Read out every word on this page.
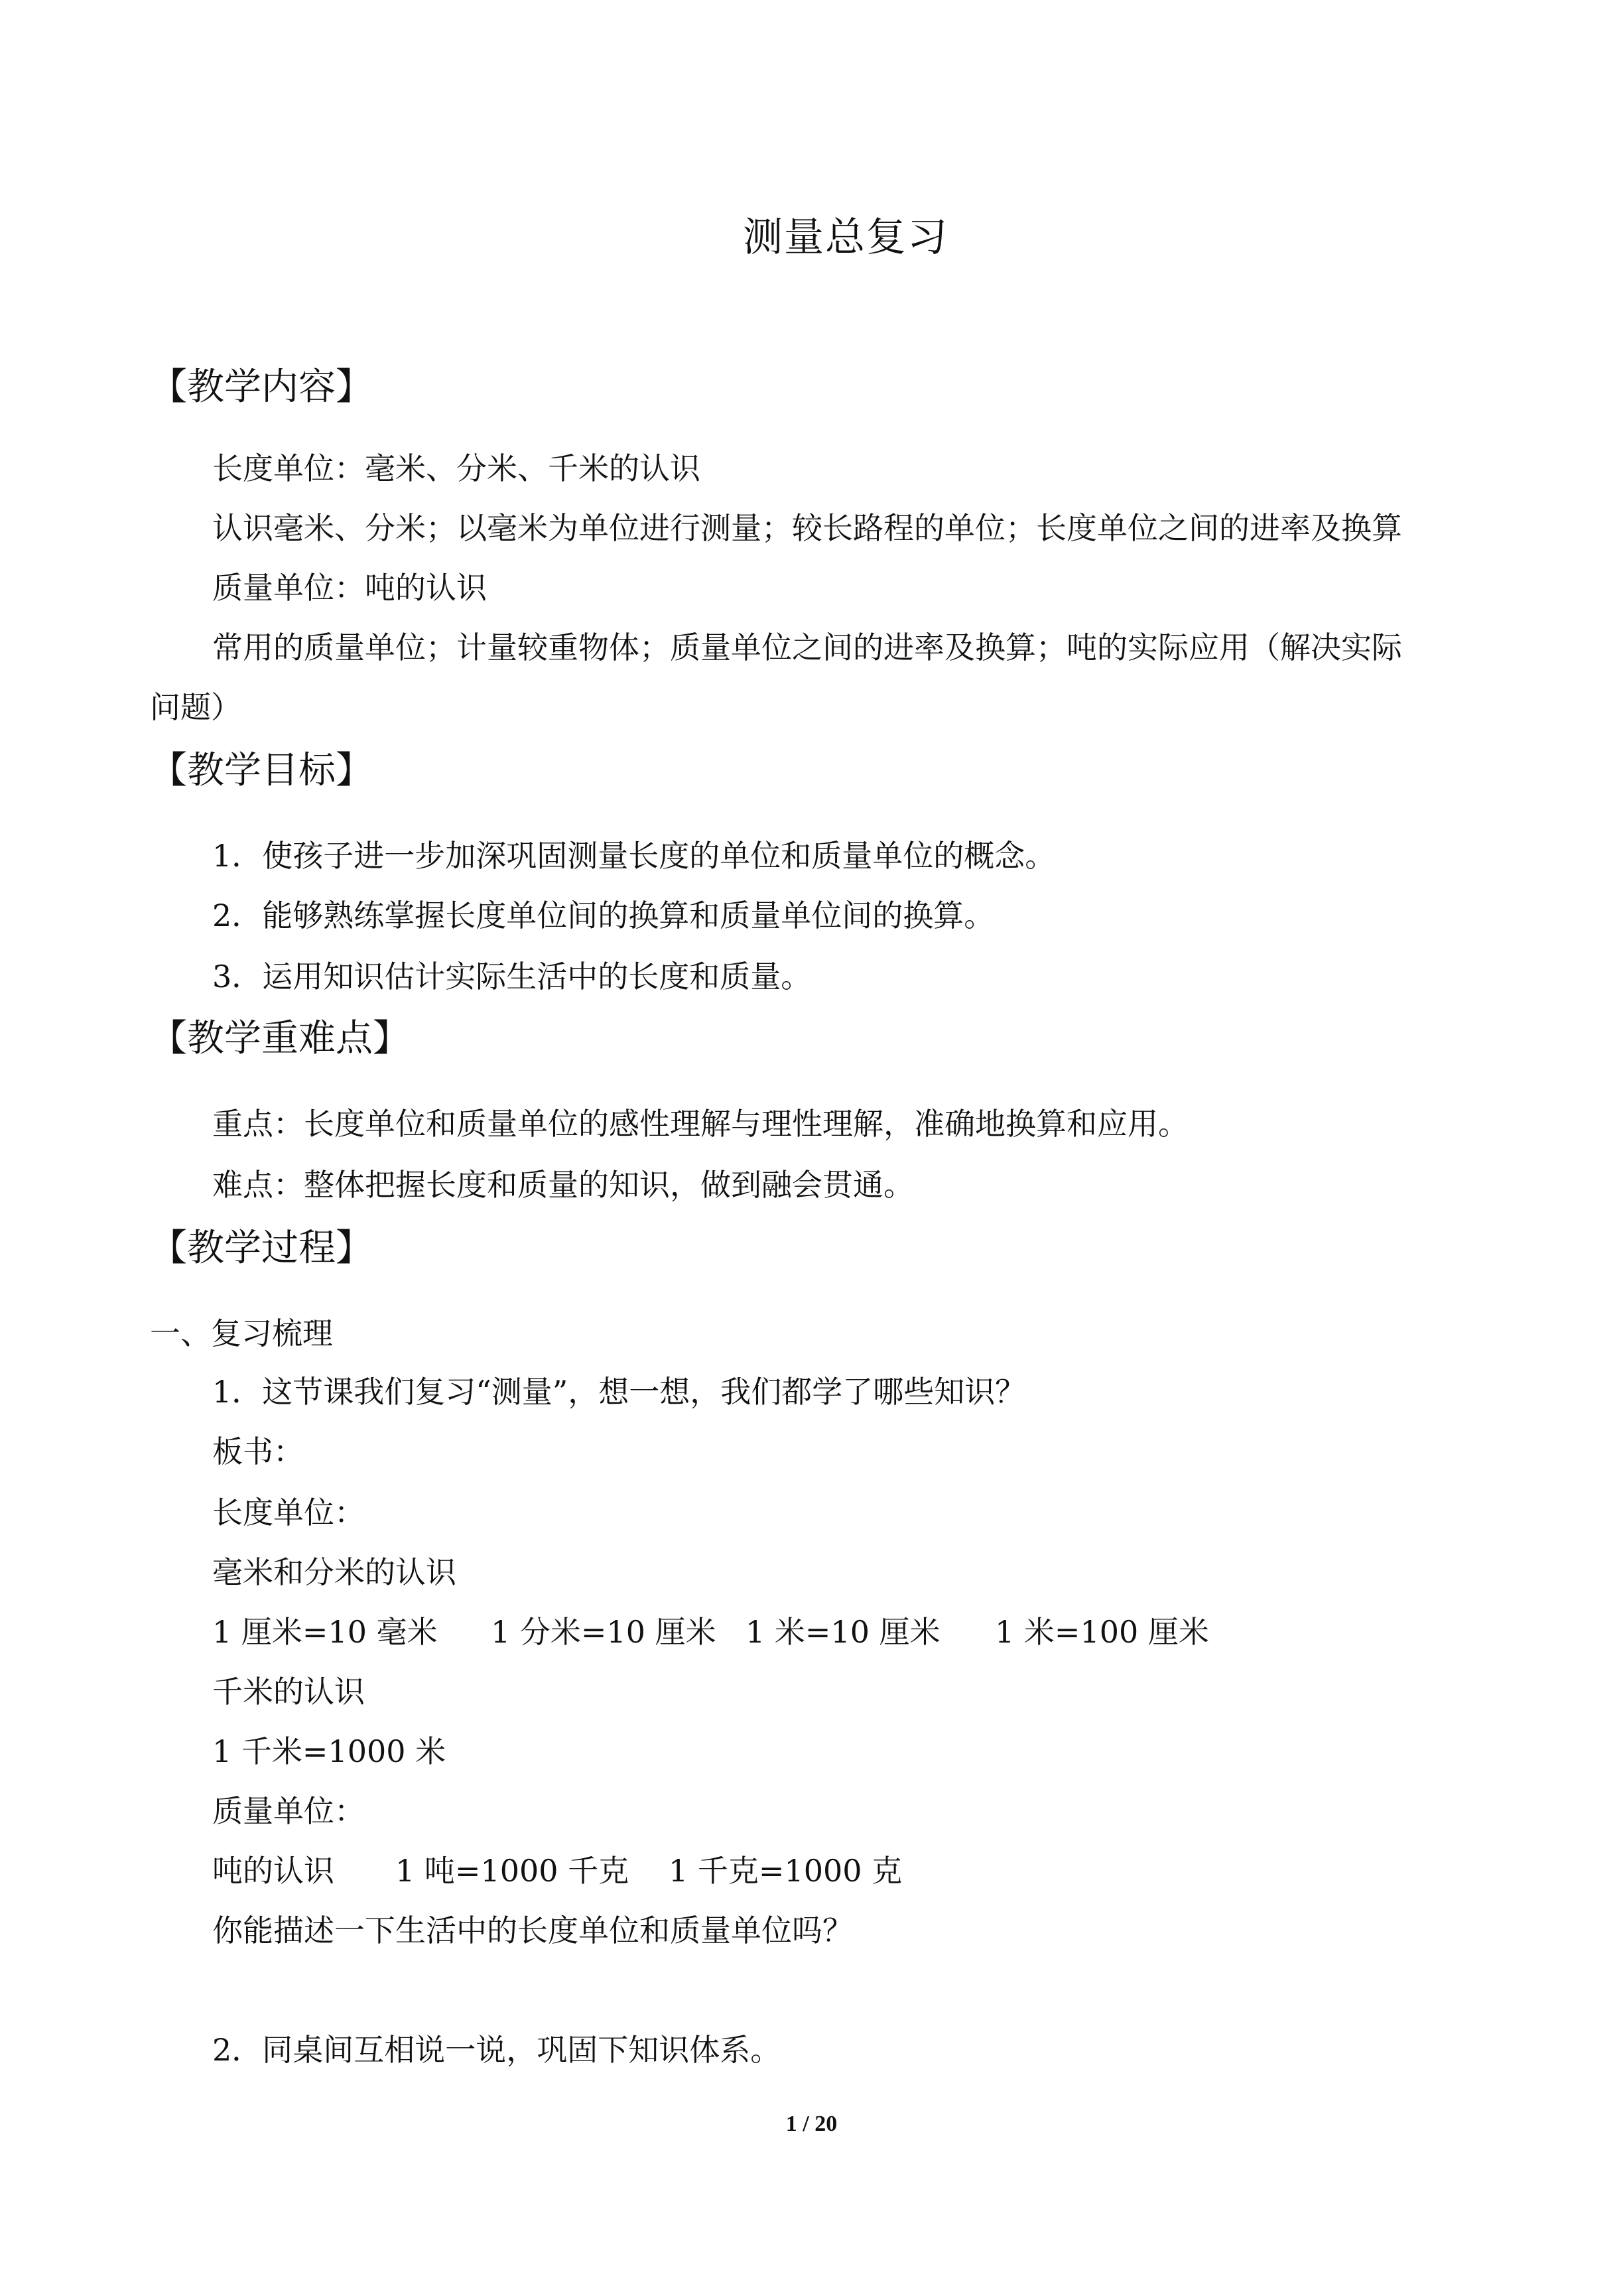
测量总复习
【教学内容】
长度单位：毫米、分米、千米的认识
认识毫米、分米；以毫米为单位进行测量；较长路程的单位；长度单位之间的进率及换算
质量单位：吨的认识
常用的质量单位；计量较重物体；质量单位之间的进率及换算；吨的实际应用（解决实际
问题）
【教学目标】
1．使孩子进一步加深巩固测量长度的单位和质量单位的概念。
2．能够熟练掌握长度单位间的换算和质量单位间的换算。
3．运用知识估计实际生活中的长度和质量。
【教学重难点】
重点：长度单位和质量单位的感性理解与理性理解，准确地换算和应用。
难点：整体把握长度和质量的知识，做到融会贯通。
【教学过程】
一、复习梳理
1．这节课我们复习“测量”，想一想，我们都学了哪些知识？
板书：
长度单位：
毫米和分米的认识
1 厘米=10 毫米 1 分米=10 厘米 1 米=10 厘米 1 米=100 厘米
千米的认识
1 千米=1000 米
质量单位：
吨的认识 1 吨=1000 千克 1 千克=1000 克
你能描述一下生活中的长度单位和质量单位吗？
2．同桌间互相说一说，巩固下知识体系。
1 / 20
